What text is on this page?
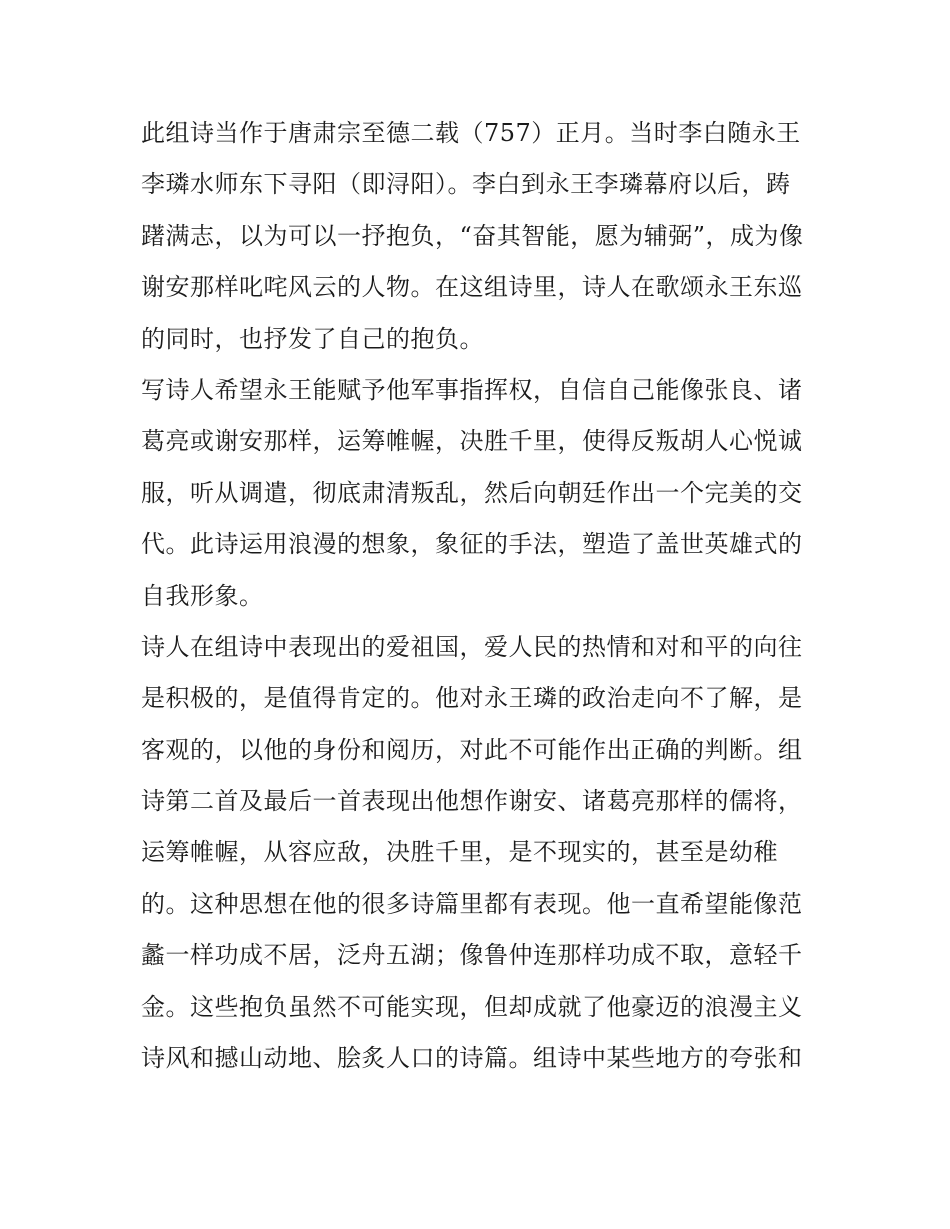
此组诗当作于唐肃宗至德二载（757）正月。当时李白随永王
李璘水师东下寻阳（即浔阳）。李白到永王李璘幕府以后，踌
躇满志，以为可以一抒抱负，“奋其智能，愿为辅弼”，成为像
谢安那样叱咤风云的人物。在这组诗里，诗人在歌颂永王东巡
的同时，也抒发了自己的抱负。
写诗人希望永王能赋予他军事指挥权，自信自己能像张良、诸
葛亮或谢安那样，运筹帷幄，决胜千里，使得反叛胡人心悦诚
服，听从调遣，彻底肃清叛乱，然后向朝廷作出一个完美的交
代。此诗运用浪漫的想象，象征的手法，塑造了盖世英雄式的
自我形象。
诗人在组诗中表现出的爱祖国，爱人民的热情和对和平的向往
是积极的，是值得肯定的。他对永王璘的政治走向不了解，是
客观的，以他的身份和阅历，对此不可能作出正确的判断。组
诗第二首及最后一首表现出他想作谢安、诸葛亮那样的儒将，
运筹帷幄，从容应敌，决胜千里，是不现实的，甚至是幼稚
的。这种思想在他的很多诗篇里都有表现。他一直希望能像范
蠡一样功成不居，泛舟五湖；像鲁仲连那样功成不取，意轻千
金。这些抱负虽然不可能实现，但却成就了他豪迈的浪漫主义
诗风和撼山动地、脍炙人口的诗篇。组诗中某些地方的夸张和
